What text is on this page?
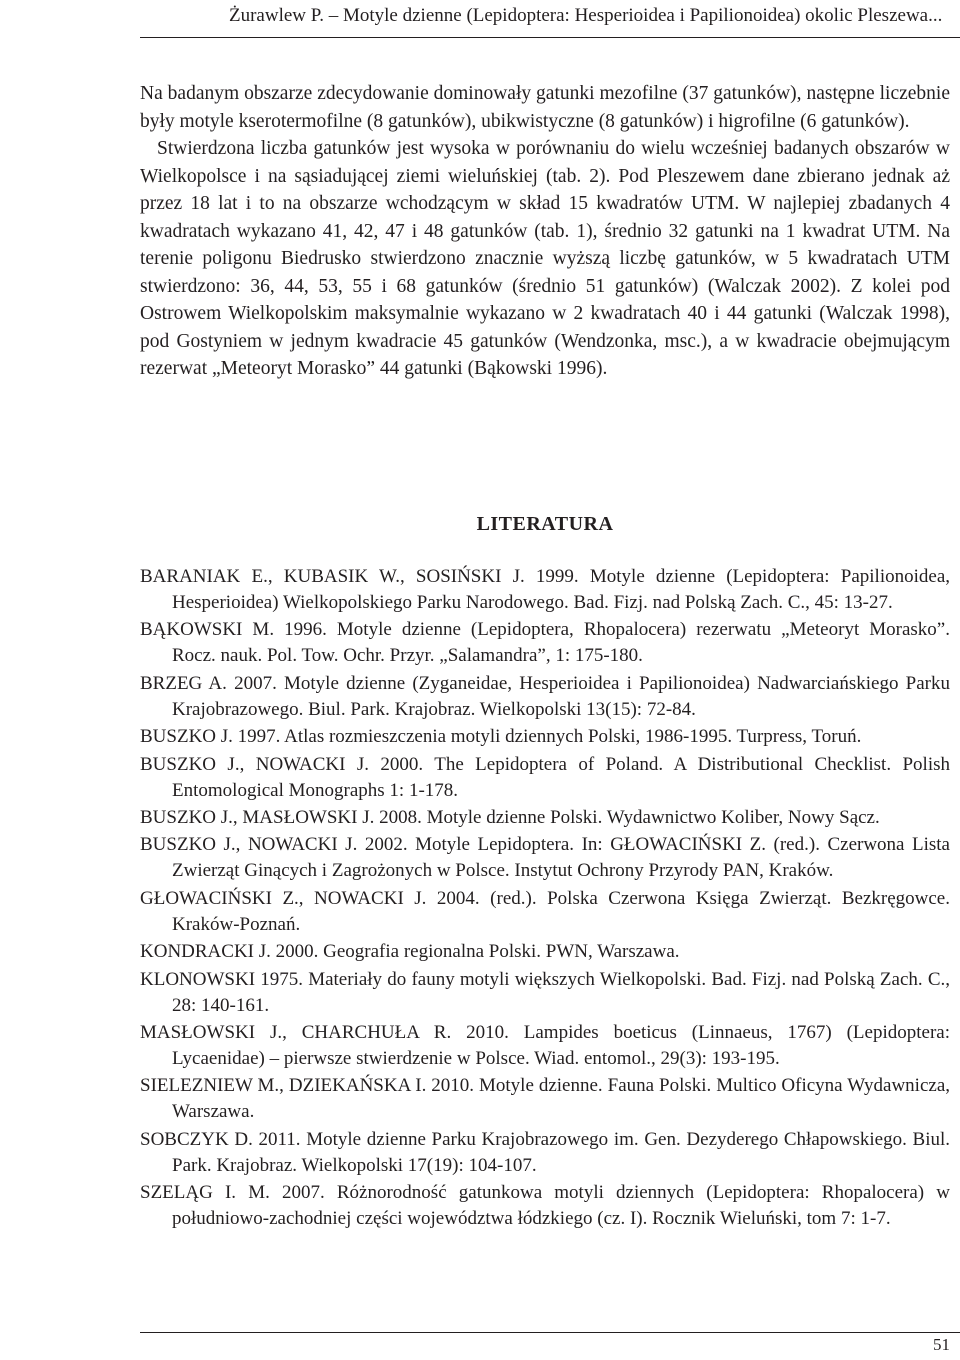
Żurawlew P. – Motyle dzienne (Lepidoptera: Hesperioidea i Papilionoidea) okolic Pleszewa...

Na badanym obszarze zdecydowanie dominowały gatunki mezofilne (37 gatunków), następne liczebnie były motyle kserotermofilne (8 gatunków), ubikwistyczne (8 gatunków) i higrofilne (6 gatunków).

Stwierdzona liczba gatunków jest wysoka w porównaniu do wielu wcześniej badanych obszarów w Wielkopolsce i na sąsiadującej ziemi wieluńskiej (tab. 2). Pod Pleszewem dane zbierano jednak aż przez 18 lat i to na obszarze wchodzącym w skład 15 kwadratów UTM. W najlepiej zbadanych 4 kwadratach wykazano 41, 42, 47 i 48 gatunków (tab. 1), średnio 32 gatunki na 1 kwadrat UTM. Na terenie poligonu Biedrusko stwierdzono znacznie wyższą liczbę gatunków, w 5 kwadratach UTM stwierdzono: 36, 44, 53, 55 i 68 gatunków (średnio 51 gatunków) (Walczak 2002). Z kolei pod Ostrowem Wielkopolskim maksymalnie wykazano w 2 kwadratach 40 i 44 gatunki (Walczak 1998), pod Gostyniem w jednym kwadracie 45 gatunków (Wendzonka, msc.), a w kwadracie obejmującym rezerwat „Meteoryt Morasko” 44 gatunki (Bąkowski 1996).

LITERATURA

BARANIAK E., KUBASIK W., SOSIŃSKI J. 1999. Motyle dzienne (Lepidoptera: Papilionoidea, Hesperioidea) Wielkopolskiego Parku Narodowego. Bad. Fizj. nad Polską Zach. C., 45: 13-27.

BĄKOWSKI M. 1996. Motyle dzienne (Lepidoptera, Rhopalocera) rezerwatu „Meteoryt Morasko”. Rocz. nauk. Pol. Tow. Ochr. Przyr. „Salamandra”, 1: 175-180.

BRZEG A. 2007. Motyle dzienne (Zyganeidae, Hesperioidea i Papilionoidea) Nadwarciańskiego Parku Krajobrazowego. Biul. Park. Krajobraz. Wielkopolski 13(15): 72-84.

BUSZKO J. 1997. Atlas rozmieszczenia motyli dziennych Polski, 1986-1995. Turpress, Toruń.

BUSZKO J., NOWACKI J. 2000. The Lepidoptera of Poland. A Distributional Checklist. Polish Entomological Monographs 1: 1-178.

BUSZKO J., MASŁOWSKI J. 2008. Motyle dzienne Polski. Wydawnictwo Koliber, Nowy Sącz.

BUSZKO J., NOWACKI J. 2002. Motyle Lepidoptera. In: GŁOWACIŃSKI Z. (red.). Czerwona Lista Zwierząt Ginących i Zagrożonych w Polsce. Instytut Ochrony Przyrody PAN, Kraków.

GŁOWACIŃSKI Z., NOWACKI J. 2004. (red.). Polska Czerwona Księga Zwierząt. Bezkręgowce. Kraków-Poznań.

KONDRACKI J. 2000. Geografia regionalna Polski. PWN, Warszawa.

KLONOWSKI 1975. Materiały do fauny motyli większych Wielkopolski. Bad. Fizj. nad Polską Zach. C., 28: 140-161.

MASŁOWSKI J., CHARCHUŁA R. 2010. Lampides boeticus (Linnaeus, 1767) (Lepidoptera: Lycaenidae) – pierwsze stwierdzenie w Polsce. Wiad. entomol., 29(3): 193-195.

SIELEZNIEW M., DZIEKAŃSKA I. 2010. Motyle dzienne. Fauna Polski. Multico Oficyna Wydawnicza, Warszawa.

SOBCZYK D. 2011. Motyle dzienne Parku Krajobrazowego im. Gen. Dezyderego Chłapowskiego. Biul. Park. Krajobraz. Wielkopolski 17(19): 104-107.

SZELĄG I. M. 2007. Różnorodność gatunkowa motyli dziennych (Lepidoptera: Rhopalocera) w południowo-zachodniej części województwa łódzkiego (cz. I). Rocznik Wieluński, tom 7: 1-7.

51
